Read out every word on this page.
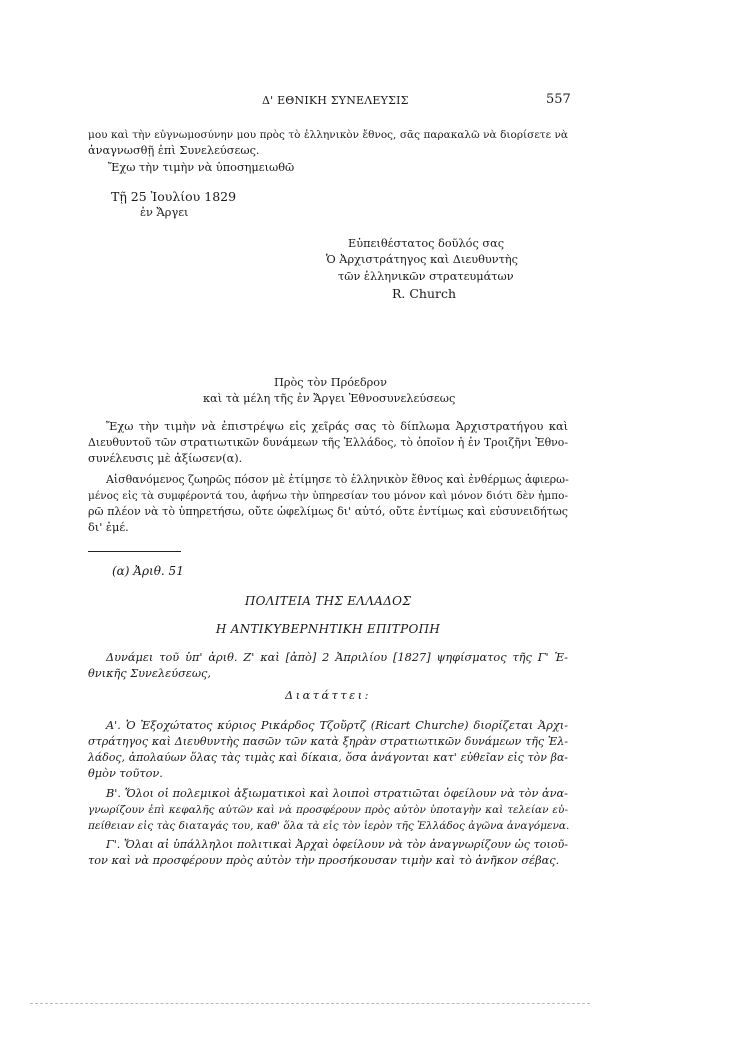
Δ' ΕΘΝΙΚΗ ΣΥΝΕΛΕΥΣΙΣ	557
μου καὶ τὴν εὐγνωμοσύνην μου πρὸς τὸ ἑλληνικὸν ἔθνος, σᾶς παρακαλῶ νὰ διορίσετε νὰ
ἀναγνωσθῇ ἐπὶ Συνελεύσεως.
Ἔχω τὴν τιμὴν νὰ ὑποσημειωθῶ
Τῇ 25 Ἰουλίου 1829
ἐν Ἄργει
Εὐπειθέστατος δοῦλός σας
Ὁ Ἀρχιστράτηγος καὶ Διευθυντὴς
τῶν ἑλληνικῶν στρατευμάτων
R. Church
Πρὸς τὸν Πρόεδρον
καὶ τὰ μέλη τῆς ἐν Ἄργει Ἐθνοσυνελεύσεως
Ἔχω τὴν τιμὴν νὰ ἐπιστρέψω εἰς χεῖράς σας τὸ δίπλωμα Ἀρχιστρατήγου καὶ
Διευθυντοῦ τῶν στρατιωτικῶν δυνάμεων τῆς Ἑλλάδος, τὸ ὁποῖον ἡ ἐν Τροιζῆνι Ἐθνο-
συνέλευσις μὲ ἀξίωσεν(α).
Αἰσθανόμενος ζωηρῶς πόσον μὲ ἐτίμησε τὸ ἑλληνικὸν ἔθνος καὶ ἐνθέρμως ἀφιερω-
μένος εἰς τὰ συμφέροντά του, ἀφήνω τὴν ὑπηρεσίαν του μόνον καὶ μόνον διότι δὲν ἠμπο-
ρῶ πλέον νὰ τὸ ὑπηρετήσω, οὔτε ὠφελίμως δι' αὐτό, οὔτε ἐντίμως καὶ εὐσυνειδήτως
δι' ἐμέ.
(α) Ἀριθ. 51
ΠΟΛΙΤΕΙΑ ΤΗΣ ΕΛΛΑΔΟΣ
Η ΑΝΤΙΚΥΒΕΡΝΗΤΙΚΗ ΕΠΙΤΡΟΠΗ
Δυνάμει τοῦ ὑπ' ἀριθ. Ζ' καὶ [ἀπὸ] 2 Ἀπριλίου [1827] ψηφίσματος τῆς Γ' Ἐ-
θνικῆς Συνελεύσεως,
Διατάττει:
Α'. Ὁ Ἐξοχώτατος κύριος Ρικάρδος Τζοὔρτζ (Ricart Churche) διορίζεται Ἀρχι-
στράτηγος καὶ Διευθυντὴς πασῶν τῶν κατὰ ξηρὰν στρατιωτικῶν δυνάμεων τῆς Ἑλ-
λάδος, ἀπολαύων ὅλας τὰς τιμὰς καὶ δίκαια, ὅσα ἀνάγονται κατ' εὐθεῖαν εἰς τὸν βα-
θμὸν τοῦτον.
Β'. Ὅλοι οἱ πολεμικοὶ ἀξιωματικοὶ καὶ λοιποὶ στρατιῶται ὀφείλουν νὰ τὸν ἀνα-
γνωρίζουν ἐπὶ κεφαλῆς αὐτῶν καὶ νὰ προσφέρουν πρὸς αὐτὸν ὑποταγὴν καὶ τελείαν εὐ-
πείθειαν εἰς τὰς διαταγάς του, καθ' ὅλα τὰ εἰς τὸν ἱερὸν τῆς Ἑλλάδος ἀγῶνα ἀναγόμενα.
Γ'. Ὅλαι αἱ ὑπάλληλοι πολιτικαὶ Ἀρχαὶ ὀφείλουν νὰ τὸν ἀναγνωρίζουν ὡς τοιοῦ-
τον καὶ νὰ προσφέρουν πρὸς αὐτὸν τὴν προσήκουσαν τιμὴν καὶ τὸ ἀνῆκον σέβας.
